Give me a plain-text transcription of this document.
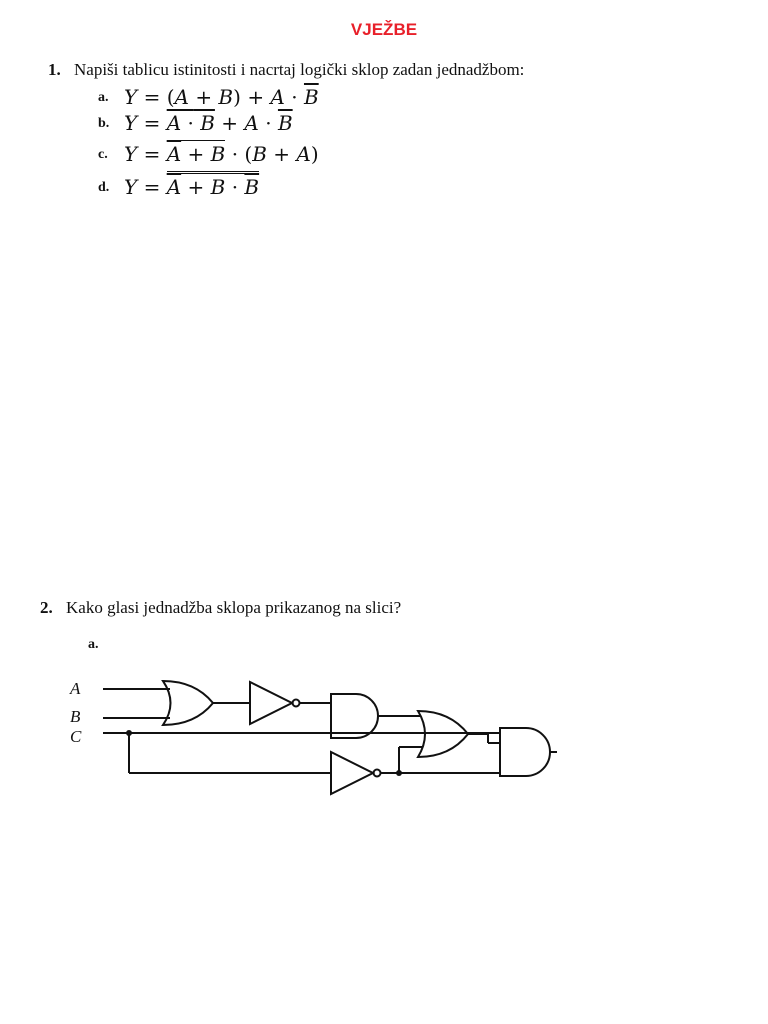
VJEŽBE
1. Napiši tablicu istinitosti i nacrtaj logički sklop zadan jednadžbom:
a. $Y = (A + B) + A \cdot \overline{B}$
b. $Y = A \cdot B + A \cdot \overline{B}$
c. $Y = \overline{A} + B \cdot (B + A)$
d. $Y = \overline{A} + B \cdot \overline{B}$
2. Kako glasi jednadžba sklopa prikazanog na slici?
a.
A
B
C
